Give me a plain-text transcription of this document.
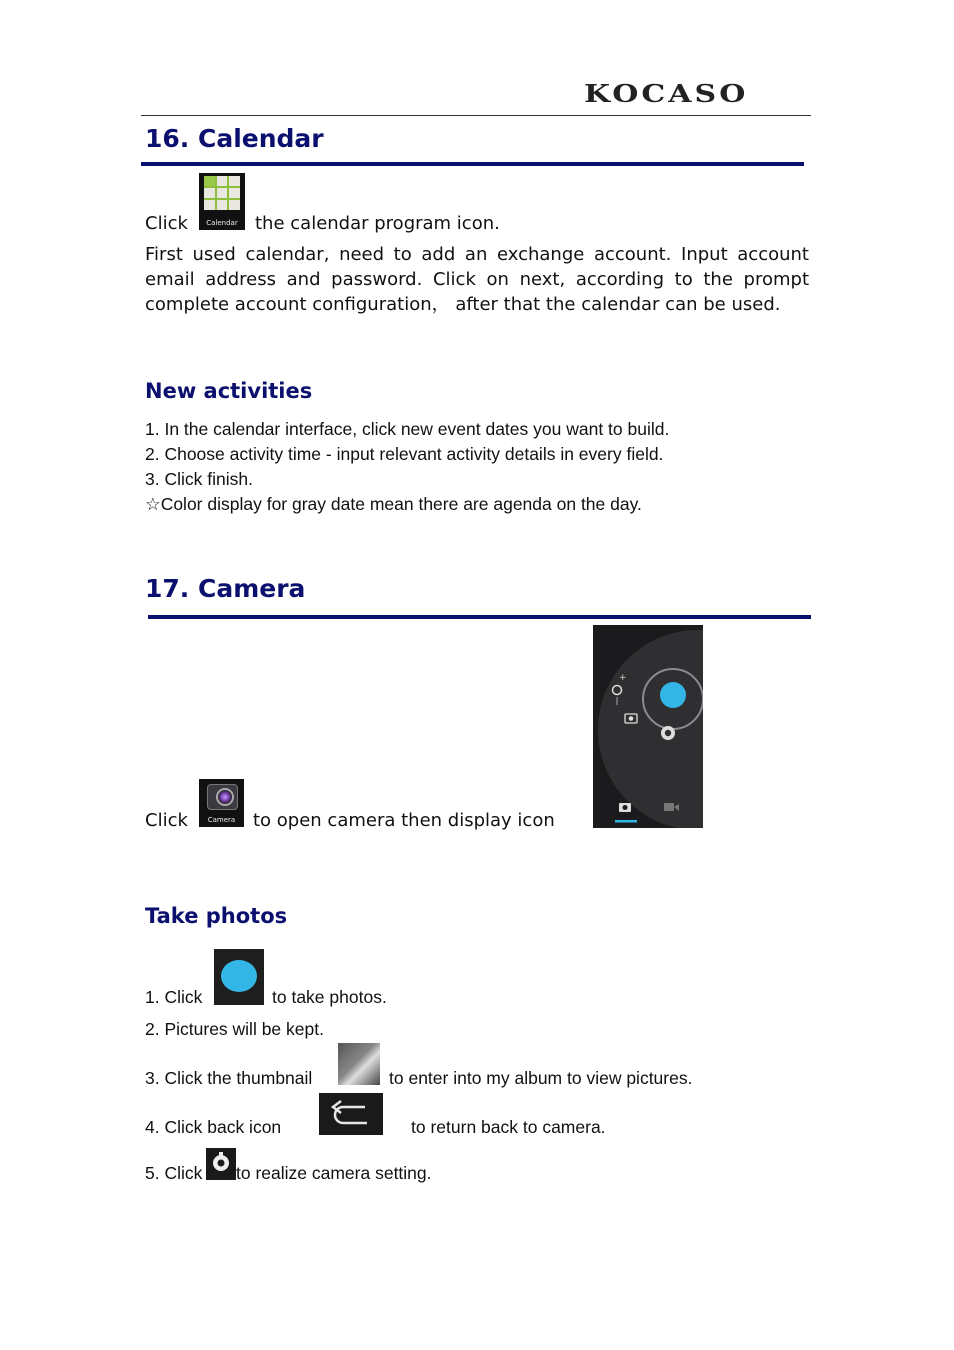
KOCASO
16. Calendar
Click	Calendar the calendar program icon.
First used calendar, need to add an exchange account. Input account email address and password. Click on next, according to the prompt complete account configuration， after that the calendar can be used.
New activities
1. In the calendar interface, click new event dates you want to build.
2. Choose activity time - input relevant activity details in every field.
3. Click finish.
☆Color display for gray date mean there are agenda on the day.
17. Camera
+
Click	Camera to open camera then display icon
Take photos
1. Click	to take photos.
2. Pictures will be kept.
3. Click the thumbnail	to enter into my album to view pictures.
4. Click back icon	to return back to camera.
5. Click to realize camera setting.
